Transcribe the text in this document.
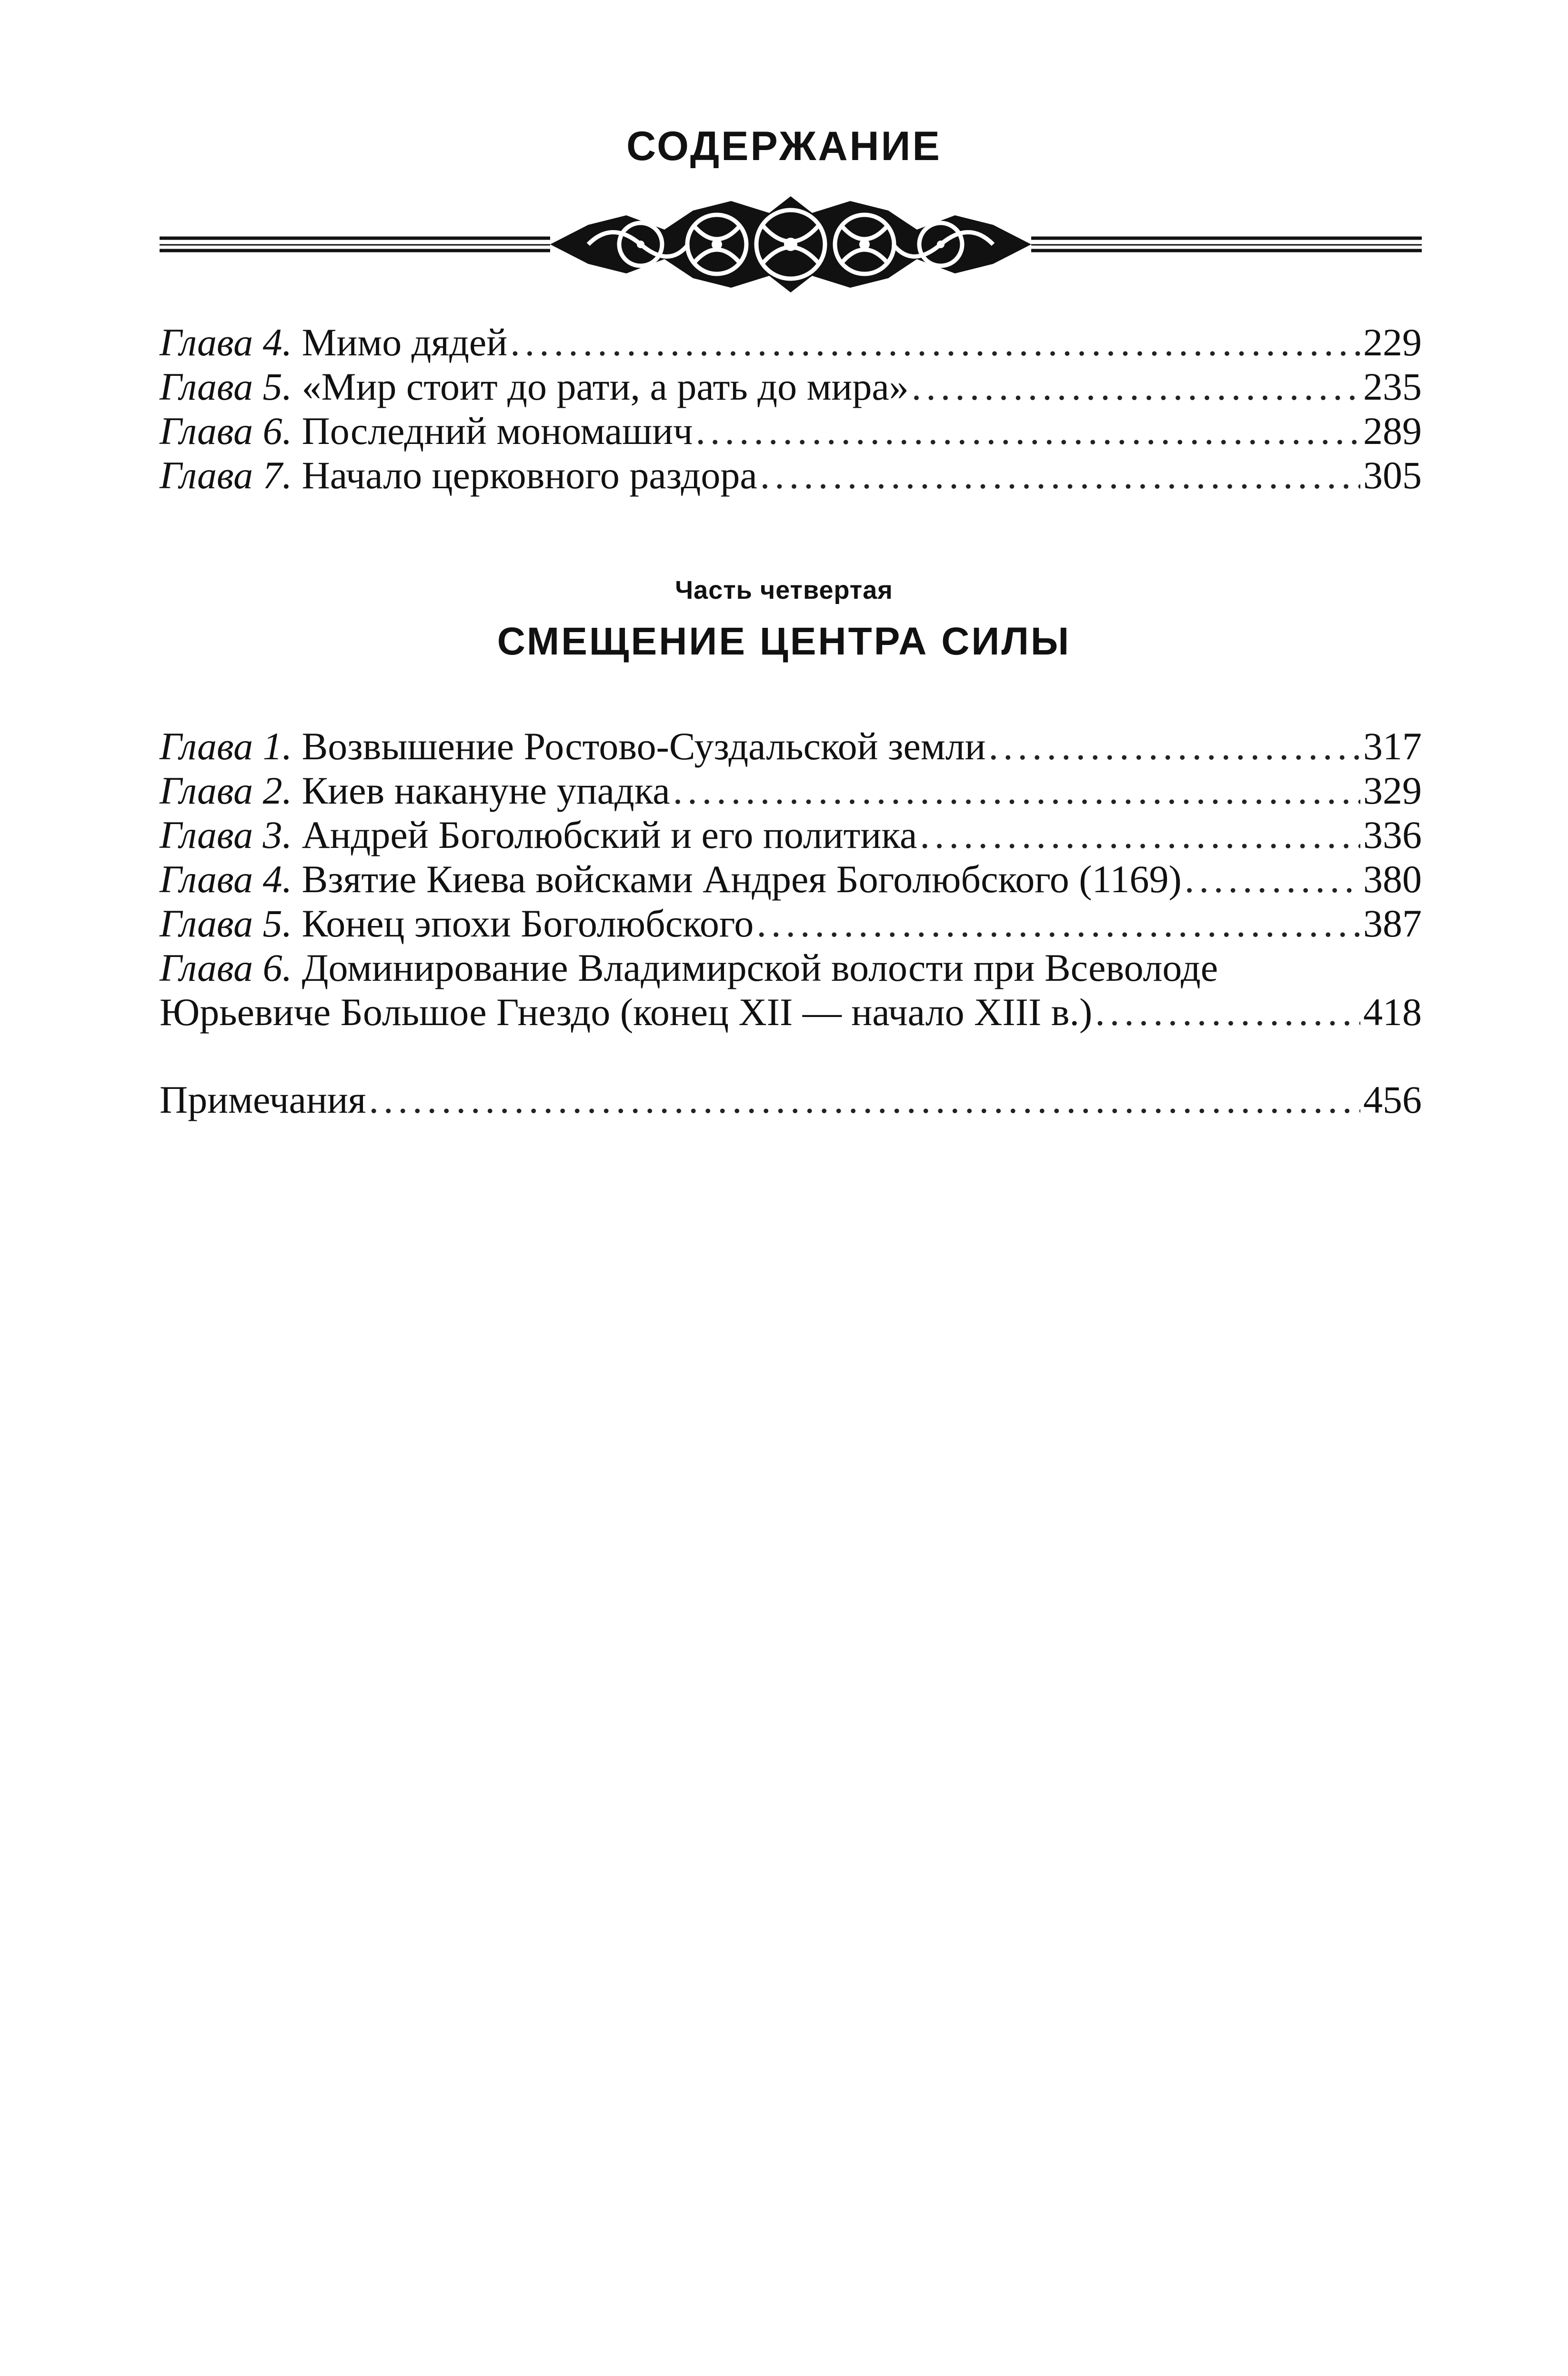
СОДЕРЖАНИЕ
Глава 4. Мимо дядей .....	229
Глава 5. «Мир стоит до рати, а рать до мира» .....	235
Глава 6. Последний мономашич .....	289
Глава 7. Начало церковного раздора .....	305
Часть четвертая
СМЕЩЕНИЕ ЦЕНТРА СИЛЫ
Глава 1. Возвышение Ростово-Суздальской земли .....	317
Глава 2. Киев накануне упадка .....	329
Глава 3. Андрей Боголюбский и его политика .....	336
Глава 4. Взятие Киева войсками Андрея Боголюбского (1169) .....	380
Глава 5. Конец эпохи Боголюбского .....	387
Глава 6. Доминирование Владимирской волости при Всеволоде
Юрьевиче Большое Гнездо (конец XII — начало XIII в.) .....	418
Примечания .....	456
